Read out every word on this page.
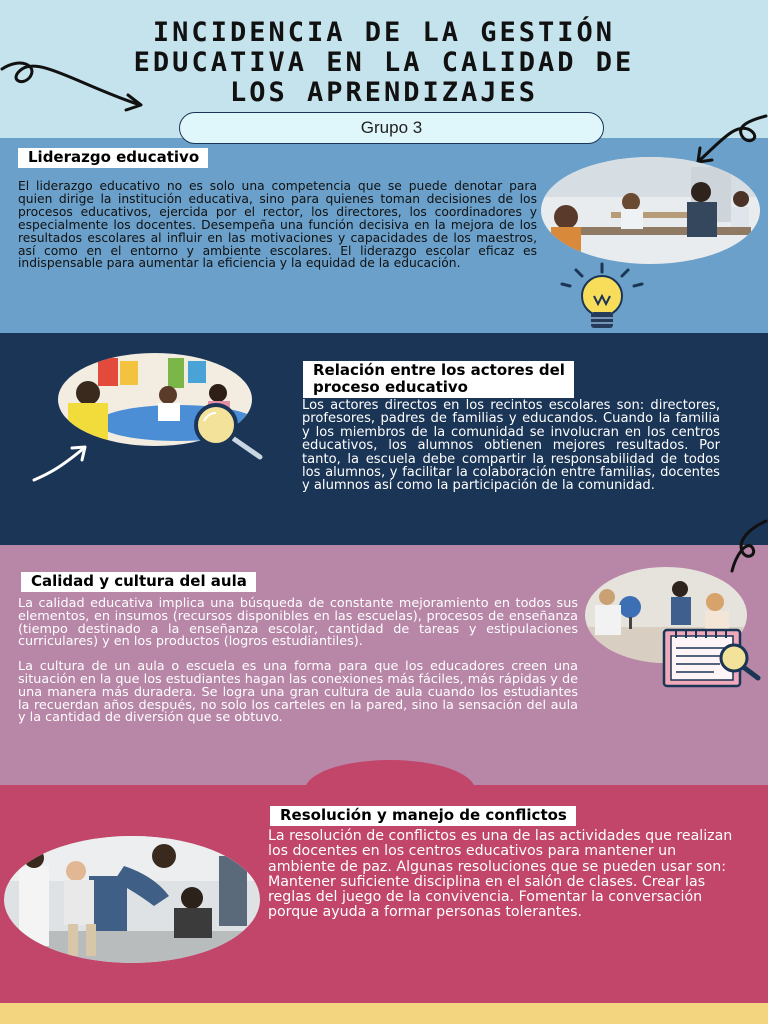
INCIDENCIA DE LA GESTIÓN
EDUCATIVA EN LA CALIDAD DE
LOS APRENDIZAJES
Grupo 3
Liderazgo educativo

El liderazgo educativo no es solo una competencia que se puede denotar para quien dirige la institución educativa, sino para quienes toman decisiones de los procesos educativos, ejercida por el rector, los directores, los coordinadores y especialmente los docentes. Desempeña una función decisiva en la mejora de los resultados escolares al influir en las motivaciones y capacidades de los maestros, así como en el entorno y ambiente escolares. El liderazgo escolar eficaz es indispensable para aumentar la eficiencia y la equidad de la educación.

Relación entre los actores del
proceso educativo

Los actores directos en los recintos escolares son: directores, profesores, padres de familias y educandos. Cuando la familia y los miembros de la comunidad se involucran en los centros educativos, los alumnos obtienen mejores resultados. Por tanto, la escuela debe compartir la responsabilidad de todos los alumnos, y facilitar la colaboración entre familias, docentes y alumnos así como la participación de la comunidad.

Calidad y cultura del aula

La calidad educativa implica una búsqueda de constante mejoramiento en todos sus elementos, en insumos (recursos disponibles en las escuelas), procesos de enseñanza (tiempo destinado a la enseñanza escolar, cantidad de tareas y estipulaciones curriculares) y en los productos (logros estudiantiles).

La cultura de un aula o escuela es una forma para que los educadores creen una situación en la que los estudiantes hagan las conexiones más fáciles, más rápidas y de una manera más duradera. Se logra una gran cultura de aula cuando los estudiantes la recuerdan años después, no solo los carteles en la pared, sino la sensación del aula y la cantidad de diversión que se obtuvo.

Resolución y manejo de conflictos

La resolución de conflictos es una de las actividades que realizan los docentes en los centros educativos para mantener un ambiente de paz. Algunas resoluciones que se pueden usar son: Mantener suficiente disciplina en el salón de clases. Crear las reglas del juego de la convivencia. Fomentar la conversación porque ayuda a formar personas tolerantes.
